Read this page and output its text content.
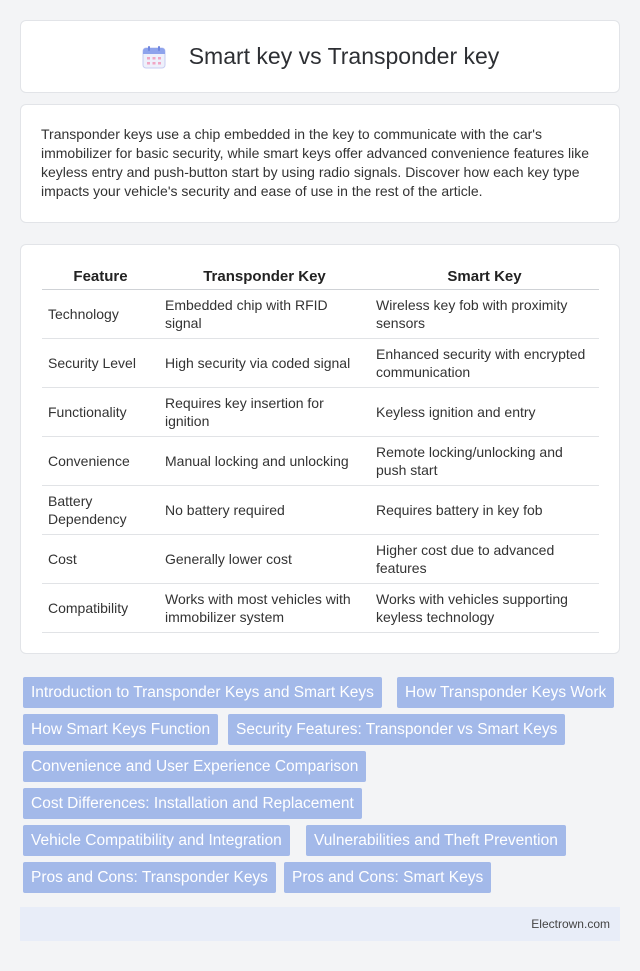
Smart key vs Transponder key

Transponder keys use a chip embedded in the key to communicate with the car's immobilizer for basic security, while smart keys offer advanced convenience features like keyless entry and push-button start by using radio signals. Discover how each key type impacts your vehicle's security and ease of use in the rest of the article.

Feature	Transponder Key	Smart Key
Technology	Embedded chip with RFID signal	Wireless key fob with proximity sensors
Security Level	High security via coded signal	Enhanced security with encrypted communication
Functionality	Requires key insertion for ignition	Keyless ignition and entry
Convenience	Manual locking and unlocking	Remote locking/unlocking and push start
Battery Dependency	No battery required	Requires battery in key fob
Cost	Generally lower cost	Higher cost due to advanced features
Compatibility	Works with most vehicles with immobilizer system	Works with vehicles supporting keyless technology
Introduction to Transponder Keys and Smart Keys	How Transponder Keys Work
How Smart Keys Function	Security Features: Transponder vs Smart Keys
Convenience and User Experience Comparison
Cost Differences: Installation and Replacement
Vehicle Compatibility and Integration	Vulnerabilities and Theft Prevention
Pros and Cons: Transponder Keys	Pros and Cons: Smart Keys
Electrown.com
